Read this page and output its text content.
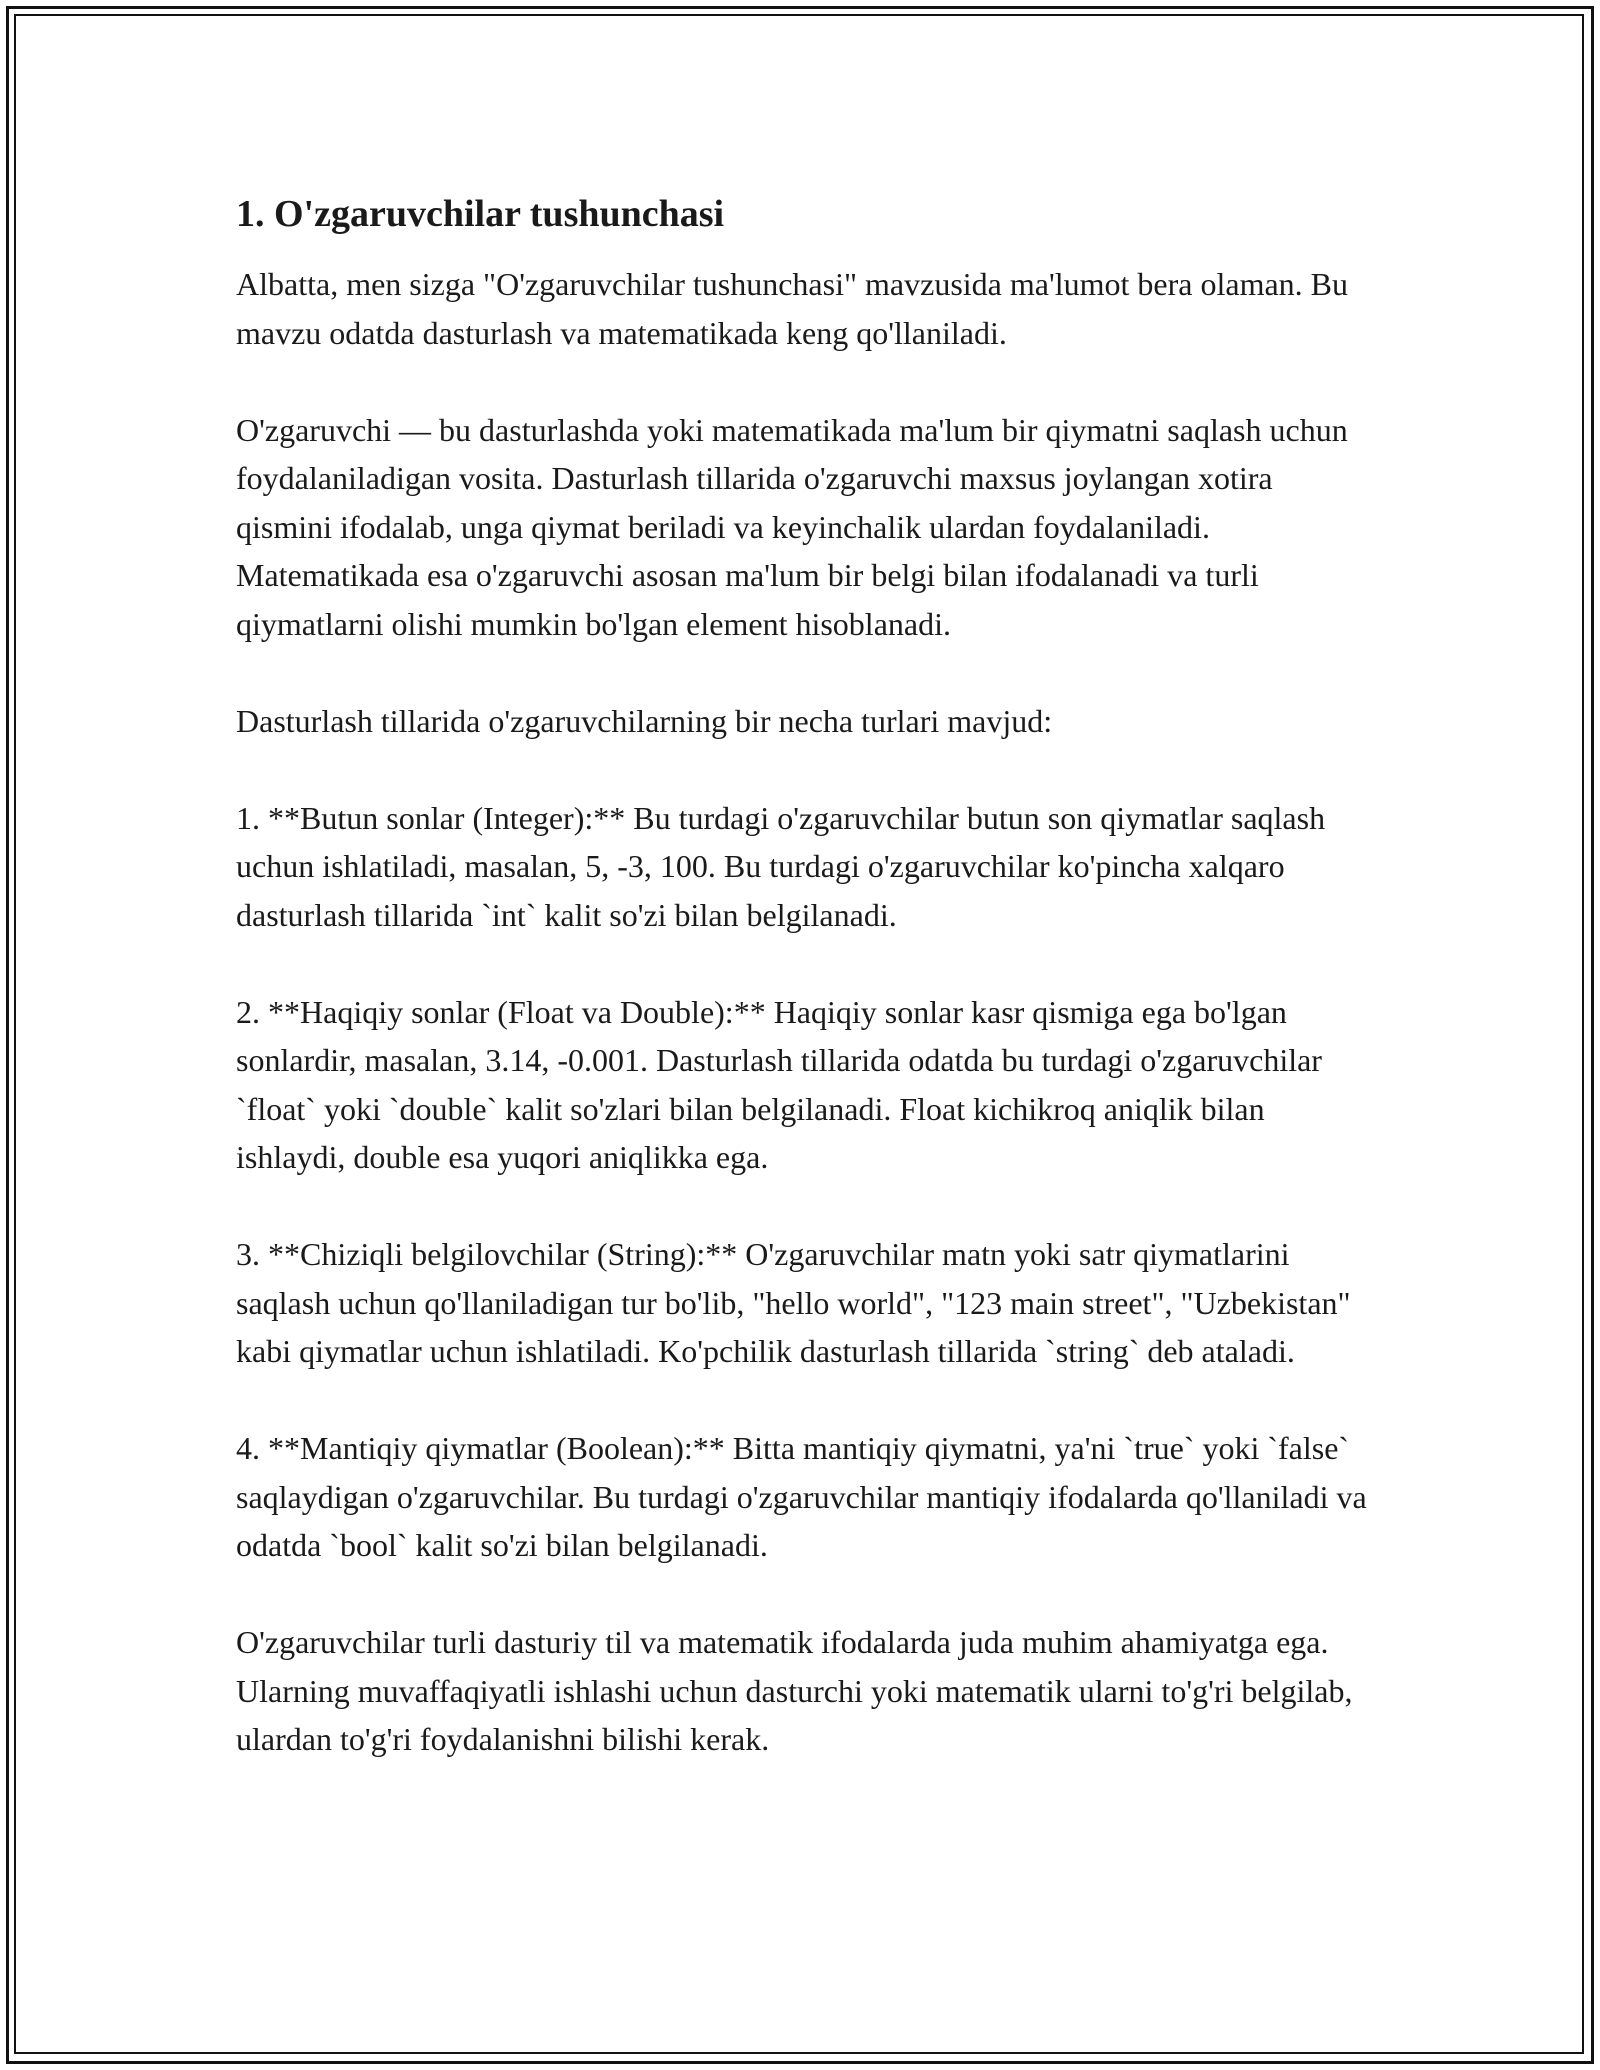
1. O'zgaruvchilar tushunchasi

Albatta, men sizga "O'zgaruvchilar tushunchasi" mavzusida ma'lumot bera olaman. Bu mavzu odatda dasturlash va matematikada keng qo'llaniladi.

O'zgaruvchi — bu dasturlashda yoki matematikada ma'lum bir qiymatni saqlash uchun foydalaniladigan vosita. Dasturlash tillarida o'zgaruvchi maxsus joylangan xotira qismini ifodalab, unga qiymat beriladi va keyinchalik ulardan foydalaniladi. Matematikada esa o'zgaruvchi asosan ma'lum bir belgi bilan ifodalanadi va turli qiymatlarni olishi mumkin bo'lgan element hisoblanadi.

Dasturlash tillarida o'zgaruvchilarning bir necha turlari mavjud:

1. **Butun sonlar (Integer):** Bu turdagi o'zgaruvchilar butun son qiymatlar saqlash uchun ishlatiladi, masalan, 5, -3, 100. Bu turdagi o'zgaruvchilar ko'pincha xalqaro dasturlash tillarida `int` kalit so'zi bilan belgilanadi.

2. **Haqiqiy sonlar (Float va Double):** Haqiqiy sonlar kasr qismiga ega bo'lgan sonlardir, masalan, 3.14, -0.001. Dasturlash tillarida odatda bu turdagi o'zgaruvchilar `float` yoki `double` kalit so'zlari bilan belgilanadi. Float kichikroq aniqlik bilan ishlaydi, double esa yuqori aniqlikka ega.

3. **Chiziqli belgilovchilar (String):** O'zgaruvchilar matn yoki satr qiymatlarini saqlash uchun qo'llaniladigan tur bo'lib, "hello world", "123 main street", "Uzbekistan" kabi qiymatlar uchun ishlatiladi. Ko'pchilik dasturlash tillarida `string` deb ataladi.

4. **Mantiqiy qiymatlar (Boolean):** Bitta mantiqiy qiymatni, ya'ni `true` yoki `false` saqlaydigan o'zgaruvchilar. Bu turdagi o'zgaruvchilar mantiqiy ifodalarda qo'llaniladi va odatda `bool` kalit so'zi bilan belgilanadi.

O'zgaruvchilar turli dasturiy til va matematik ifodalarda juda muhim ahamiyatga ega. Ularning muvaffaqiyatli ishlashi uchun dasturchi yoki matematik ularni to'g'ri belgilab, ulardan to'g'ri foydalanishni bilishi kerak.
